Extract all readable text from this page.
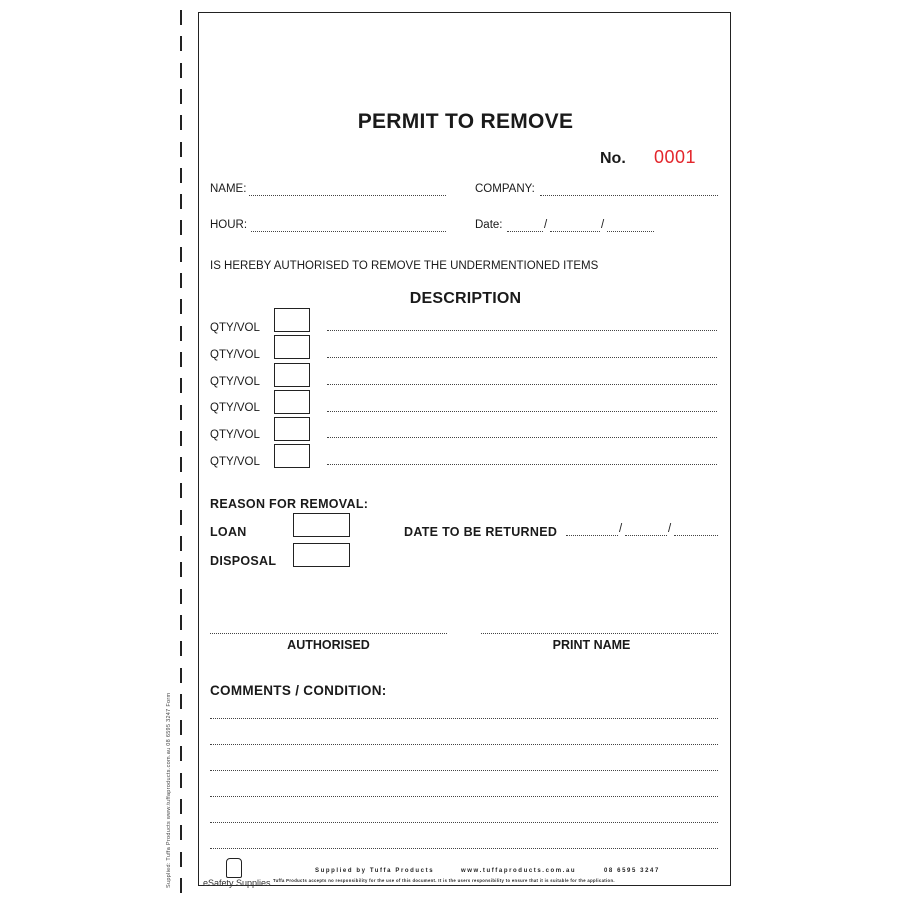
Supplied: Tuffa Products www.tuffaproducts.com.au 08 6595 3247 Form
PERMIT TO REMOVE
No. 0001
NAME:	COMPANY:
HOUR:	Date:	/	/
IS HEREBY AUTHORISED TO REMOVE THE UNDERMENTIONED ITEMS
DESCRIPTION
QTY/VOL
QTY/VOL
QTY/VOL
QTY/VOL
QTY/VOL
QTY/VOL
REASON FOR REMOVAL:
LOAN
DISPOSAL
DATE TO BE RETURNED	/	/
AUTHORISED	PRINT NAME
COMMENTS / CONDITION:
Supplied by Tuffa Products	www.tuffaproducts.com.au	08 6595 3247
Tuffa Products accepts no responsibility for the use of this document. It is the users responsibility to ensure that it is suitable for the application.
eSafety Supplies
